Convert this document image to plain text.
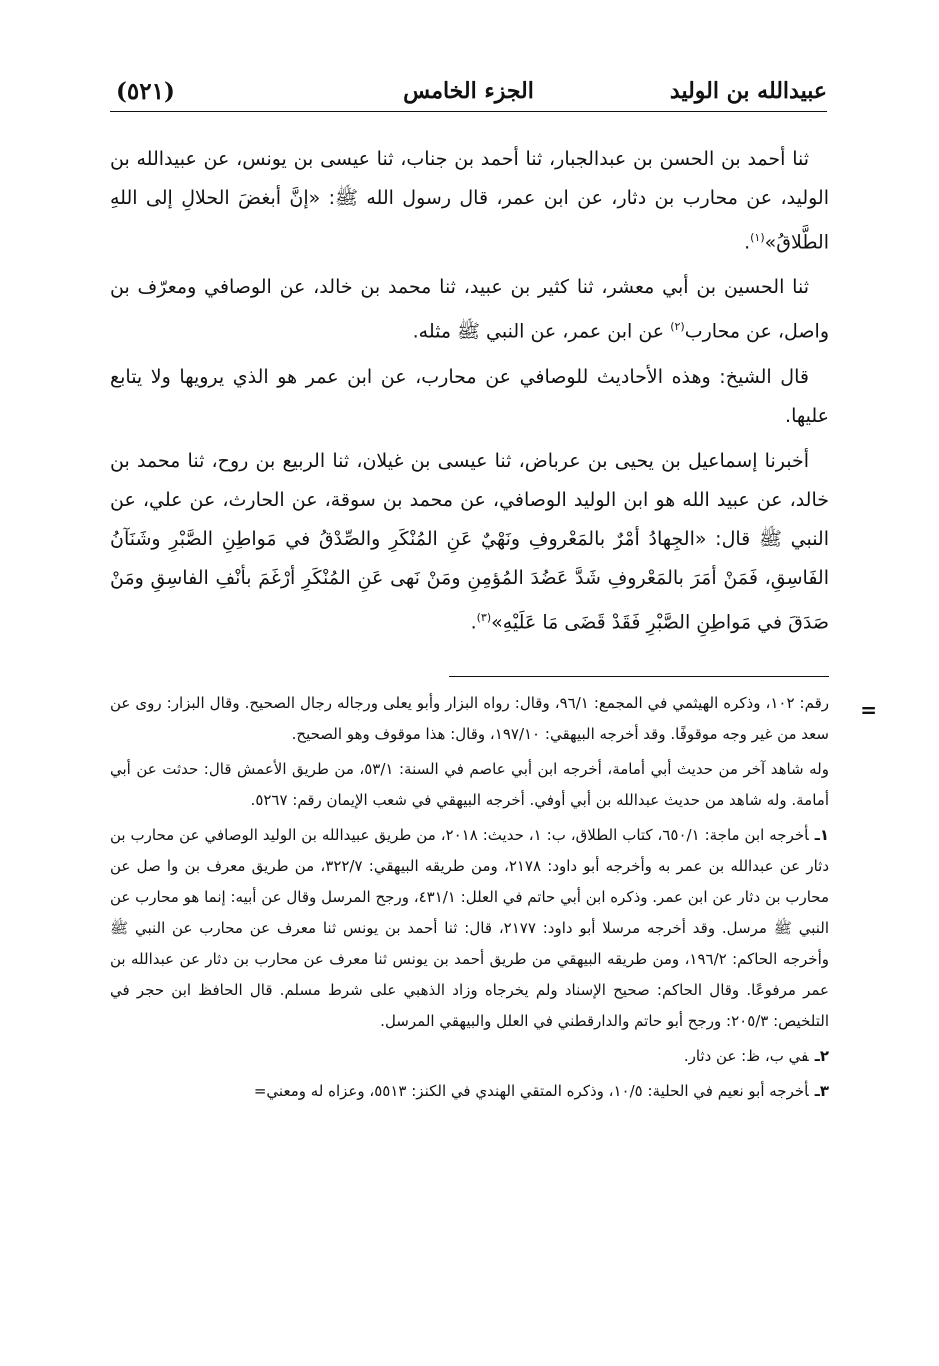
عبيدالله بن الوليد
الجزء الخامس
(٥٢١)

ثنا أحمد بن الحسن بن عبدالجبار، ثنا أحمد بن جناب، ثنا عيسى بن يونس، عن عبيدالله بن الوليد، عن محارب بن دثار، عن ابن عمر، قال رسول الله ﷺ: «إنَّ أبغضَ الحلالِ إلى اللهِ الطَّلاقُ»$^{(١)}$.

ثنا الحسين بن أبي معشر، ثنا كثير بن عبيد، ثنا محمد بن خالد، عن الوصافي ومعرّف بن واصل، عن محارب$^{(٢)}$ عن ابن عمر، عن النبي ﷺ مثله.

قال الشيخ: وهذه الأحاديث للوصافي عن محارب، عن ابن عمر هو الذي يرويها ولا يتابع عليها.

أخبرنا إسماعيل بن يحيى بن عرباض، ثنا عيسى بن غيلان، ثنا الربيع بن روح، ثنا محمد بن خالد، عن عبيد الله هو ابن الوليد الوصافي، عن محمد بن سوقة، عن الحارث، عن علي، عن النبي ﷺ قال: «الجِهادُ أمْرٌ بالمَعْروفِ ونَهْيٌ عَنِ المُنْكَرِ والصِّدْقُ في مَواطِنِ الصَّبْرِ وشَنَآنُ الفَاسِقِ، فَمَنْ أمَرَ بالمَعْروفِ شَدَّ عَضُدَ المُؤمِنِ ومَنْ نَهى عَنِ المُنْكَرِ أرْغَمَ بأنْفِ الفاسِقِ ومَنْ صَدَقَ في مَواطِنِ الصَّبْرِ فَقَدْ قَضَى مَا عَلَيْهِ»$^{(٣)}$.

=

رقم: ١٠٢، وذكره الهيثمي في المجمع: ٩٦/١، وقال: رواه البزار وأبو يعلى ورجاله رجال الصحيح. وقال البزار: روى عن سعد من غير وجه موقوفًا. وقد أخرجه البيهقي: ١٩٧/١٠، وقال: هذا موقوف وهو الصحيح.

وله شاهد آخر من حديث أبي أمامة، أخرجه ابن أبي عاصم في السنة: ٥٣/١، من طريق الأعمش قال: حدثت عن أبي أمامة. وله شاهد من حديث عبدالله بن أبي أوفي. أخرجه البيهقي في شعب الإيمان رقم: ٥٢٦٧.

١ـأخرجه ابن ماجة: ٦٥٠/١، كتاب الطلاق، ب: ١، حديث: ٢٠١٨، من طريق عبيدالله بن الوليد الوصافي عن محارب بن دثار عن عبدالله بن عمر به وأخرجه أبو داود: ٢١٧٨، ومن طريقه البيهقي: ٣٢٢/٧، من طريق معرف بن وا صل عن محارب بن دثار عن ابن عمر. وذكره ابن أبي حاتم في العلل: ٤٣١/١، ورجح المرسل وقال عن أبيه: إنما هو محارب عن النبي ﷺ مرسل. وقد أخرجه مرسلا أبو داود: ٢١٧٧، قال: ثنا أحمد بن يونس ثنا معرف عن محارب عن النبي ﷺ وأخرجه الحاكم: ١٩٦/٢، ومن طريقه البيهقي من طريق أحمد بن يونس ثنا معرف عن محارب بن دثار عن عبدالله بن عمر مرفوعًا. وقال الحاكم: صحيح الإسناد ولم يخرجاه وزاد الذهبي على شرط مسلم. قال الحافظ ابن حجر في التلخيص: ٢٠٥/٣: ورجح أبو حاتم والدارقطني في العلل والبيهقي المرسل.

٢ـفي ب، ظ: عن دثار.

٣ـأخرجه أبو نعيم في الحلية: ١٠/٥، وذكره المتقي الهندي في الكنز: ٥٥١٣، وعزاه له ومعني=
